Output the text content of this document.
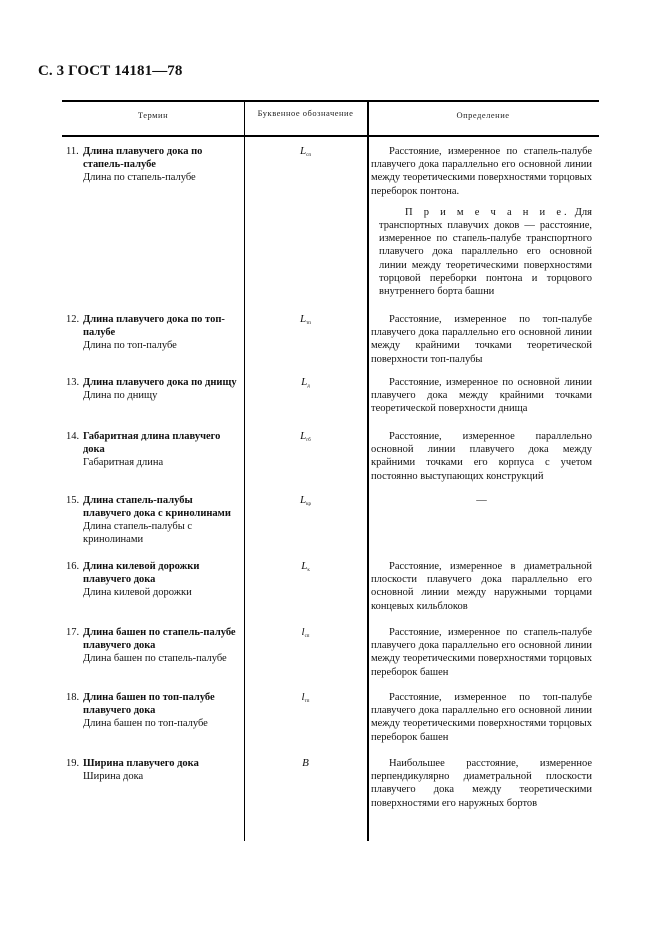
С. 3 ГОСТ 14181—78
Термин	Буквенное обозначение	Определение
11. Длина плавучего дока по стапель-палубе
Длина по стапель-палубе
$L_{сп}$	Расстояние, измеренное по стапель-палубе плавучего дока параллельно его основной линии между теоретическими поверхностями торцовых переборок понтона.

П р и м е ч а н и е. Для транспортных плавучих доков — расстояние, измеренное по стапель-палубе транспортного плавучего дока параллельно его основной линии между теоретическими поверхностями торцовой переборки понтона и торцового внутреннего борта башни

12. Длина плавучего дока по топ-палубе
Длина по топ-палубе
$L_{тп}$	Расстояние, измеренное по топ-палубе плавучего дока параллельно его основной линии между крайними точками теоретической поверхности топ-палубы

13. Длина плавучего дока по днищу
Длина по днищу
$L_д$	Расстояние, измеренное по основной линии плавучего дока между крайними точками теоретической поверхности днища

14. Габаритная длина плавучего дока
Габаритная длина
$L_{гб}$	Расстояние, измеренное параллельно основной линии плавучего дока между крайними точками его корпуса с учетом постоянно выступающих конструкций

15. Длина стапель-палубы плавучего дока с кринолинами
Длина стапель-палубы с кринолинами
$L_{кр}$	—

16. Длина килевой дорожки плавучего дока
Длина килевой дорожки
$L_к$	Расстояние, измеренное в диаметральной плоскости плавучего дока параллельно его основной линии между наружными торцами концевых кильблоков

17. Длина башен по стапель-палубе плавучего дока
Длина башен по стапель-палубе
$l_{сп}$	Расстояние, измеренное по стапель-палубе плавучего дока параллельно его основной линии между теоретическими поверхностями торцовых переборок башен

18. Длина башен по топ-палубе плавучего дока
Длина башен по топ-палубе
$l_{тп}$	Расстояние, измеренное по топ-палубе плавучего дока параллельно его основной линии между теоретическими поверхностями торцовых переборок башен

19. Ширина плавучего дока
Ширина дока
B	Наибольшее расстояние, измеренное перпендикулярно диаметральной плоскости плавучего дока между теоретическими поверхностями его наружных бортов
